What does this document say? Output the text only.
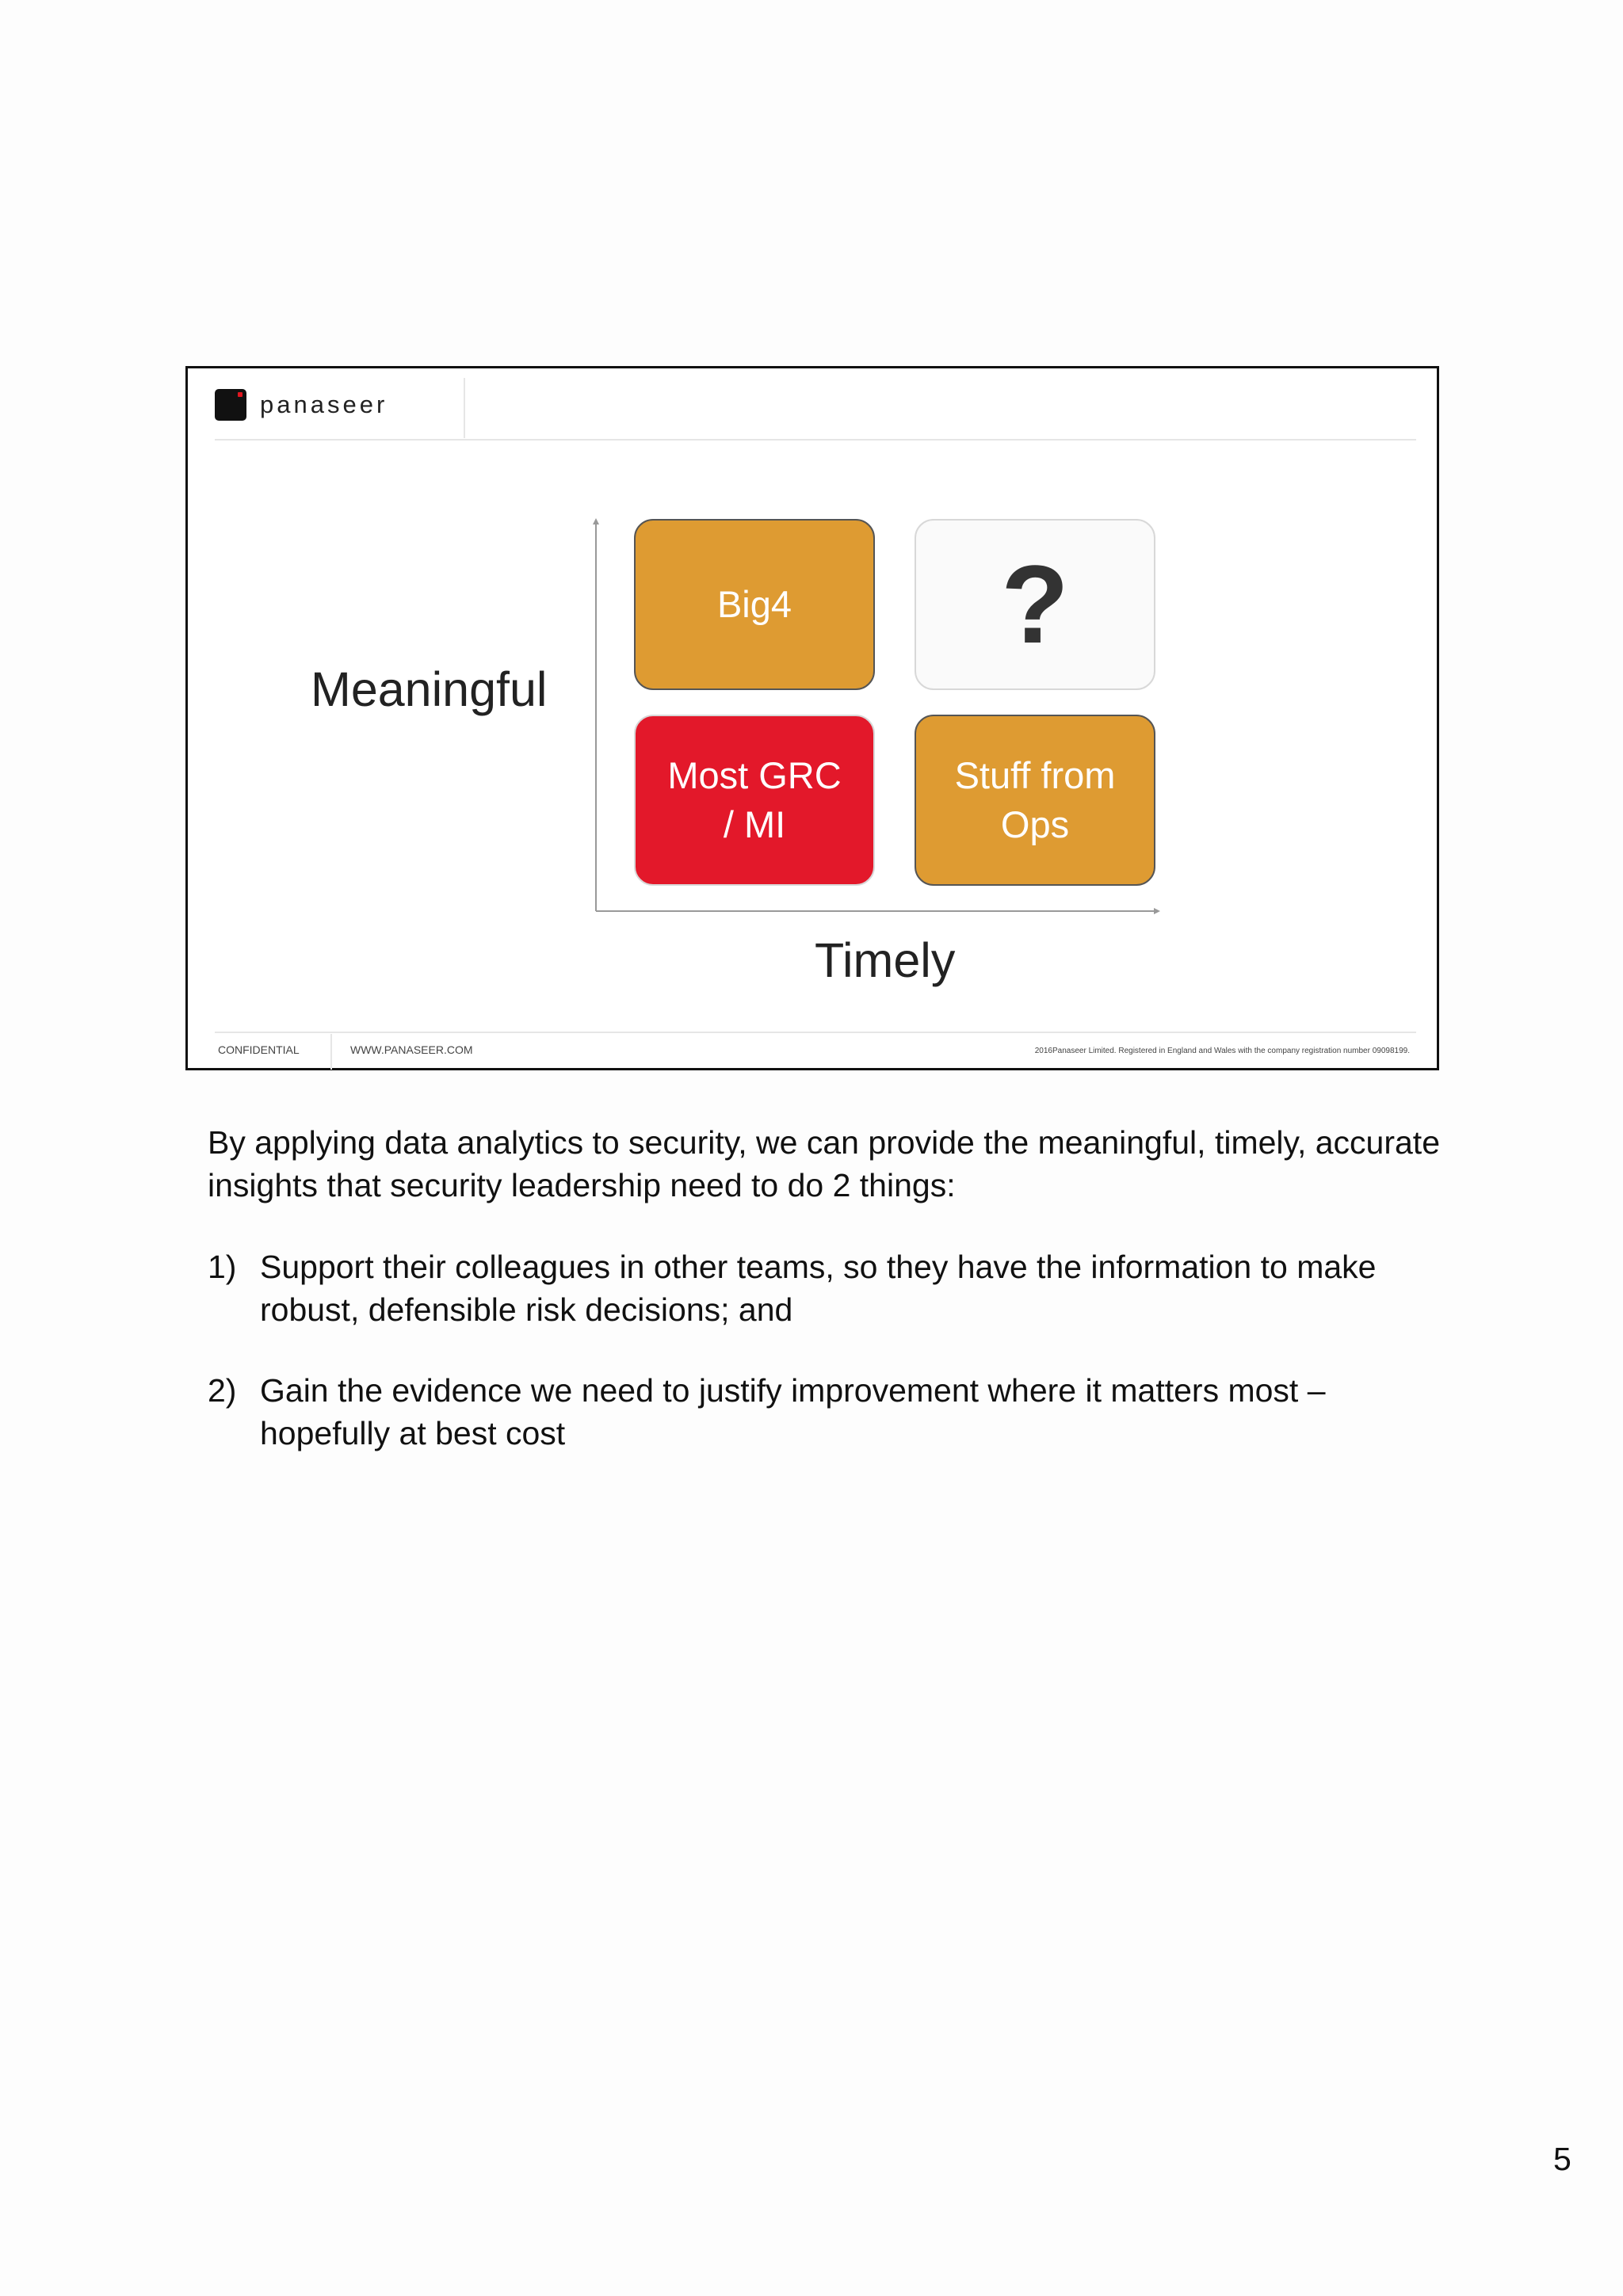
panaseer
Meaningful
Timely
Big4 ?
Most GRC
/ MI
Stuff from
Ops
CONFIDENTIAL	WWW.PANASEER.COM	2016Panaseer Limited. Registered in England and Wales with the company registration number 09098199.
By applying data analytics to security, we can provide the meaningful, timely, accurate
insights that security leadership need to do 2 things:
1) Support their colleagues in other teams, so they have the information to make
robust, defensible risk decisions; and
2) Gain the evidence we need to justify improvement where it matters most –
hopefully at best cost
5
